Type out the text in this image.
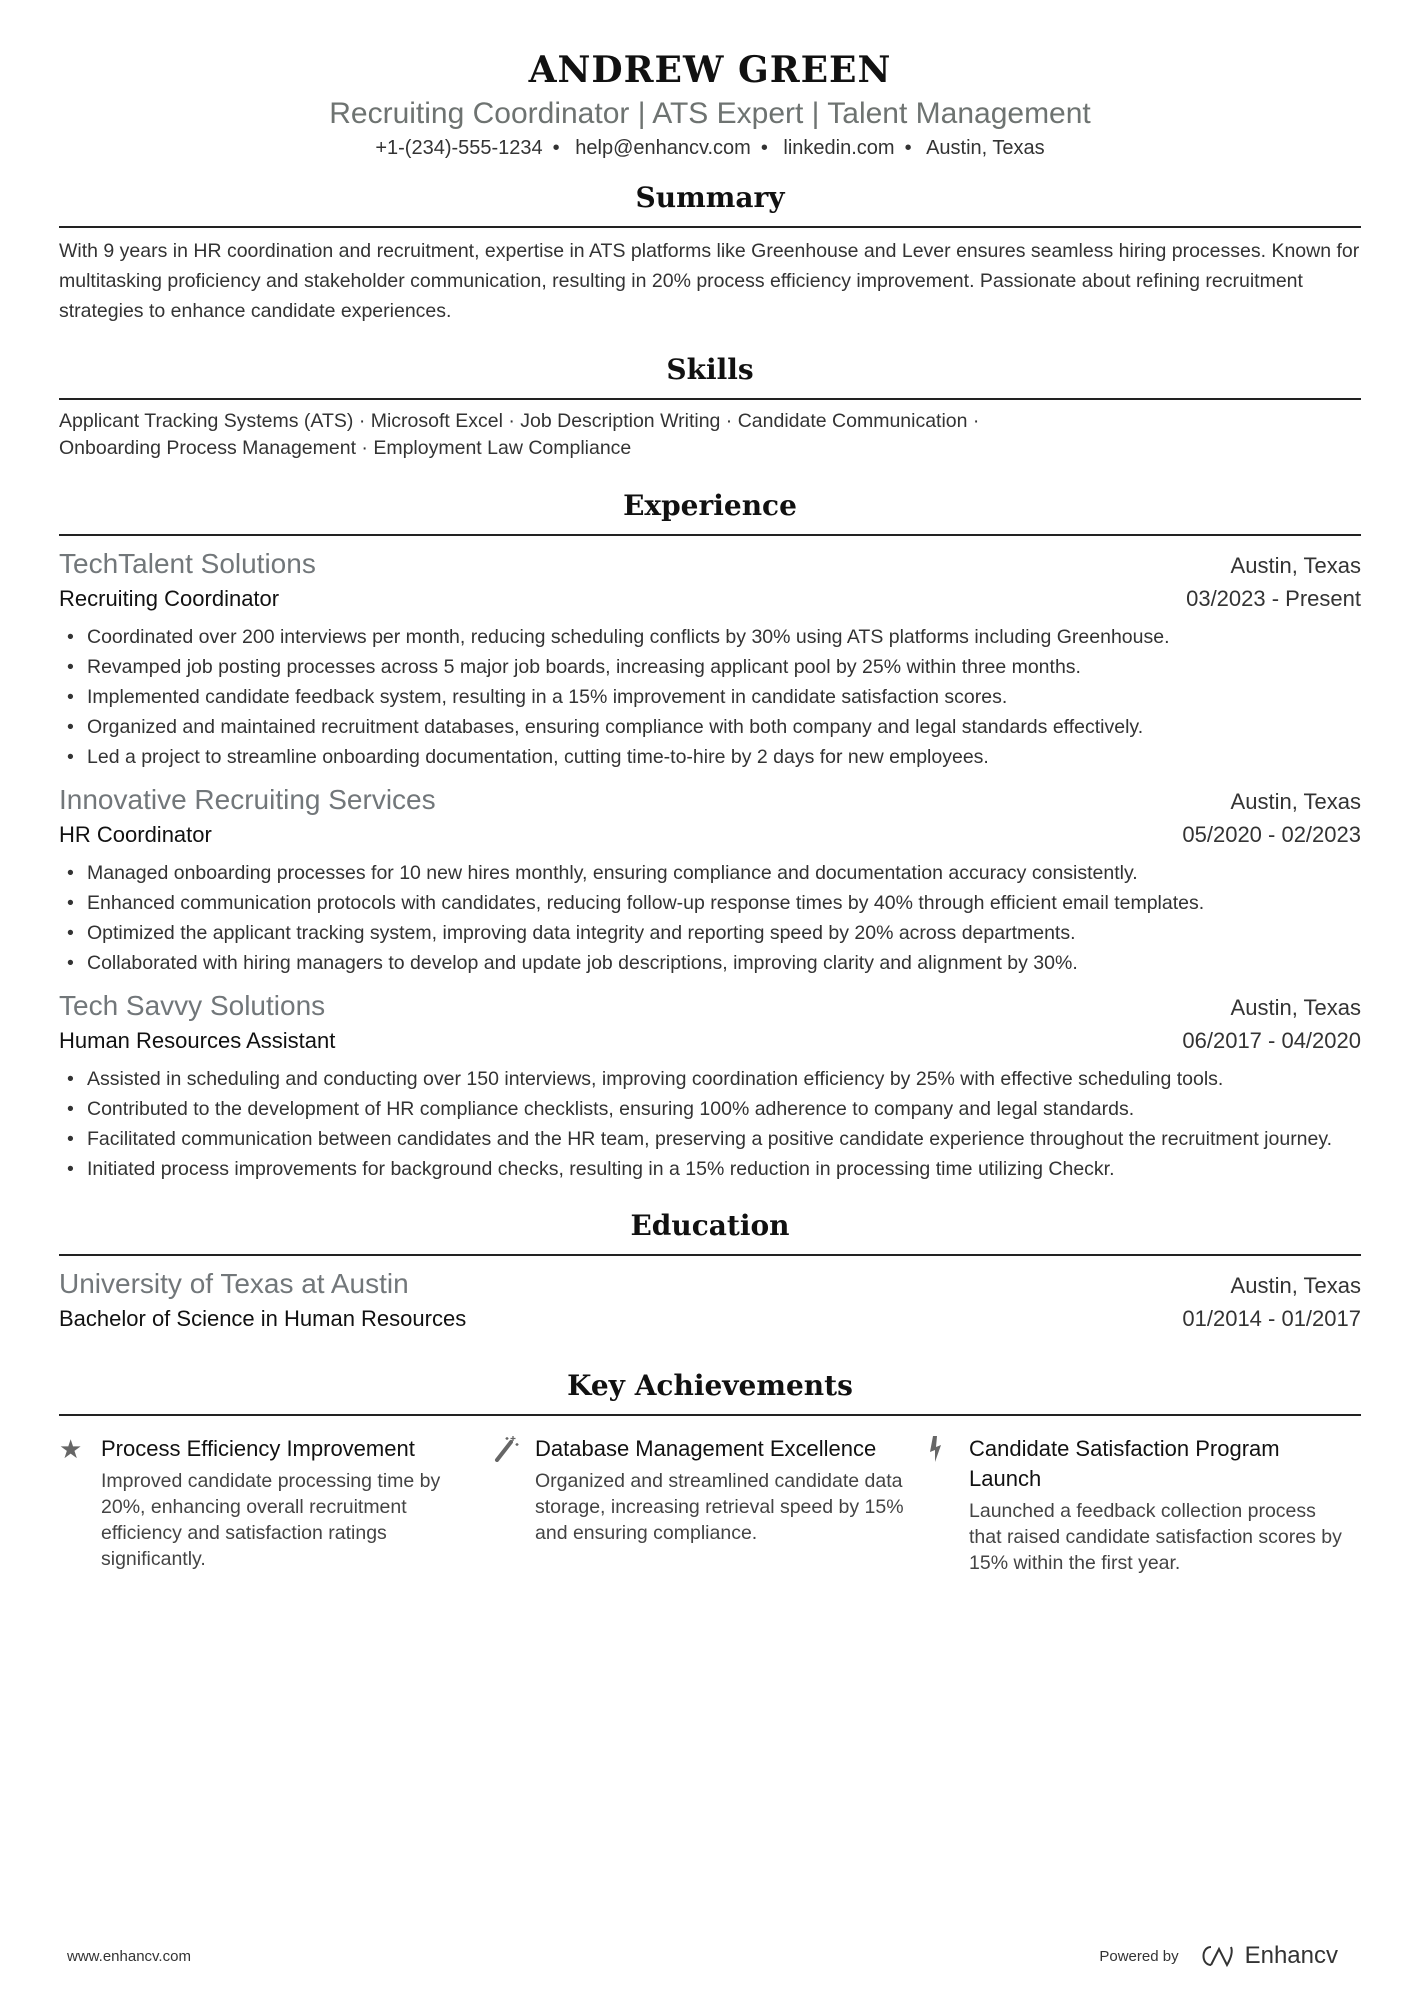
ANDREW GREEN
Recruiting Coordinator | ATS Expert | Talent Management
+1-(234)-555-1234 • help@enhancv.com • linkedin.com • Austin, Texas
Summary
With 9 years in HR coordination and recruitment, expertise in ATS platforms like Greenhouse and Lever ensures seamless hiring processes. Known for multitasking proficiency and stakeholder communication, resulting in 20% process efficiency improvement. Passionate about refining recruitment strategies to enhance candidate experiences.
Skills
Applicant Tracking Systems (ATS) · Microsoft Excel · Job Description Writing · Candidate Communication ·
Onboarding Process Management · Employment Law Compliance
Experience
TechTalent Solutions	Austin, Texas
Recruiting Coordinator	03/2023 - Present
• Coordinated over 200 interviews per month, reducing scheduling conflicts by 30% using ATS platforms including Greenhouse.
• Revamped job posting processes across 5 major job boards, increasing applicant pool by 25% within three months.
• Implemented candidate feedback system, resulting in a 15% improvement in candidate satisfaction scores.
• Organized and maintained recruitment databases, ensuring compliance with both company and legal standards effectively.
• Led a project to streamline onboarding documentation, cutting time-to-hire by 2 days for new employees.
Innovative Recruiting Services	Austin, Texas
HR Coordinator	05/2020 - 02/2023
• Managed onboarding processes for 10 new hires monthly, ensuring compliance and documentation accuracy consistently.
• Enhanced communication protocols with candidates, reducing follow-up response times by 40% through efficient email templates.
• Optimized the applicant tracking system, improving data integrity and reporting speed by 20% across departments.
• Collaborated with hiring managers to develop and update job descriptions, improving clarity and alignment by 30%.
Tech Savvy Solutions	Austin, Texas
Human Resources Assistant	06/2017 - 04/2020
• Assisted in scheduling and conducting over 150 interviews, improving coordination efficiency by 25% with effective scheduling tools.
• Contributed to the development of HR compliance checklists, ensuring 100% adherence to company and legal standards.
• Facilitated communication between candidates and the HR team, preserving a positive candidate experience throughout the recruitment journey.
• Initiated process improvements for background checks, resulting in a 15% reduction in processing time utilizing Checkr.
Education
University of Texas at Austin	Austin, Texas
Bachelor of Science in Human Resources	01/2014 - 01/2017
Key Achievements
★ Process Efficiency Improvement
Improved candidate processing time by 20%, enhancing overall recruitment efficiency and satisfaction ratings significantly.
Database Management Excellence
Organized and streamlined candidate data storage, increasing retrieval speed by 15% and ensuring compliance.
Candidate Satisfaction Program Launch
Launched a feedback collection process that raised candidate satisfaction scores by 15% within the first year.
www.enhancv.com	Powered by	Enhancv
